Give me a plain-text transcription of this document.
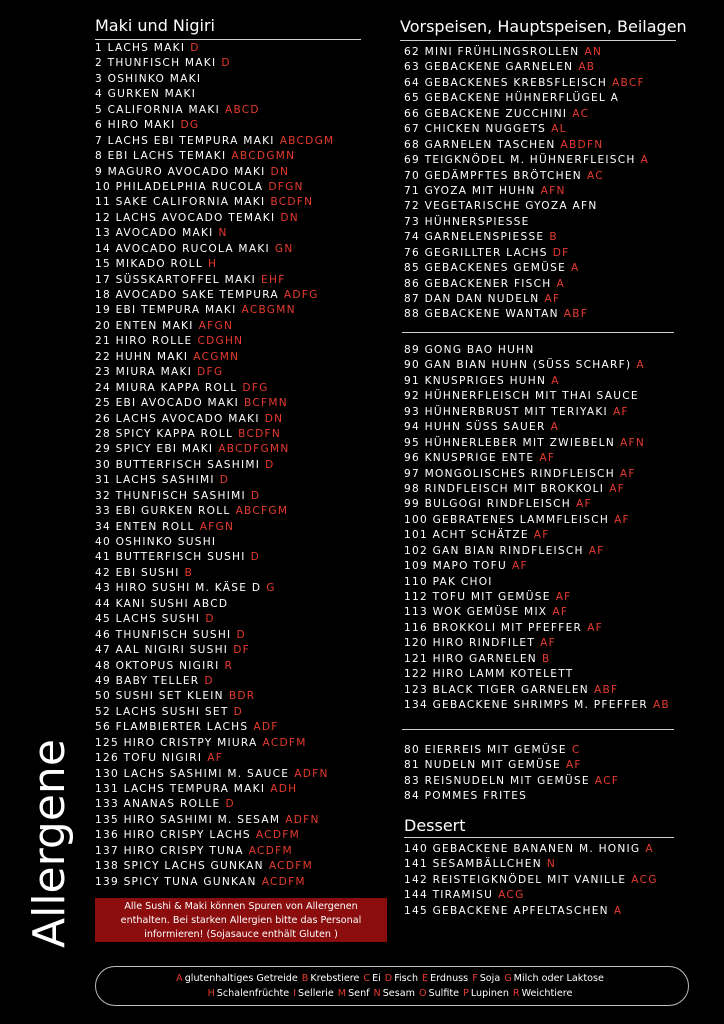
Allergene
Maki und Nigiri
1 LACHS MAKI D
2 THUNFISCH MAKI D
3 OSHINKO MAKI
4 GURKEN MAKI
5 CALIFORNIA MAKI ABCD
6 HIRO MAKI DG
7 LACHS EBI TEMPURA MAKI ABCDGM
8 EBI LACHS TEMAKI ABCDGMN
9 MAGURO AVOCADO MAKI DN
10 PHILADELPHIA RUCOLA DFGN
11 SAKE CALIFORNIA MAKI BCDFN
12 LACHS AVOCADO TEMAKI DN
13 AVOCADO MAKI N
14 AVOCADO RUCOLA MAKI GN
15 MIKADO ROLL H
17 SÜSSKARTOFFEL MAKI EHF
18 AVOCADO SAKE TEMPURA ADFG
19 EBI TEMPURA MAKI ACBGMN
20 ENTEN MAKI AFGN
21 HIRO ROLLE CDGHN
22 HUHN MAKI ACGMN
23 MIURA MAKI DFG
24 MIURA KAPPA ROLL DFG
25 EBI AVOCADO MAKI BCFMN
26 LACHS AVOCADO MAKI DN
28 SPICY KAPPA ROLL BCDFN
29 SPICY EBI MAKI ABCDFGMN
30 BUTTERFISCH SASHIMI D
31 LACHS SASHIMI D
32 THUNFISCH SASHIMI D
33 EBI GURKEN ROLL ABCFGM
34 ENTEN ROLL AFGN
40 OSHINKO SUSHI
41 BUTTERFISCH SUSHI D
42 EBI SUSHI B
43 HIRO SUSHI M. KÄSE D G
44 KANI SUSHI ABCD
45 LACHS SUSHI D
46 THUNFISCH SUSHI D
47 AAL NIGIRI SUSHI DF
48 OKTOPUS NIGIRI R
49 BABY TELLER D
50 SUSHI SET KLEIN BDR
52 LACHS SUSHI SET D
56 FLAMBIERTER LACHS ADF
125 HIRO CRISTPY MIURA ACDFM
126 TOFU NIGIRI AF
130 LACHS SASHIMI M. SAUCE ADFN
131 LACHS TEMPURA MAKI ADH
133 ANANAS ROLLE D
135 HIRO SASHIMI M. SESAM ADFN
136 HIRO CRISPY LACHS ACDFM
137 HIRO CRISPY TUNA ACDFM
138 SPICY LACHS GUNKAN ACDFM
139 SPICY TUNA GUNKAN ACDFM
Alle Sushi & Maki können Spuren von Allergenen
enthalten. Bei starken Allergien bitte das Personal
informieren! (Sojasauce enthält Gluten )
Vorspeisen, Hauptspeisen, Beilagen
62 MINI FRÜHLINGSROLLEN AN
63 GEBACKENE GARNELEN AB
64 GEBACKENES KREBSFLEISCH ABCF
65 GEBACKENE HÜHNERFLÜGEL A
66 GEBACKENE ZUCCHINI AC
67 CHICKEN NUGGETS AL
68 GARNELEN TASCHEN ABDFN
69 TEIGKNÖDEL M. HÜHNERFLEISCH A
70 GEDÄMPFTES BRÖTCHEN AC
71 GYOZA MIT HUHN AFN
72 VEGETARISCHE GYOZA AFN
73 HÜHNERSPIESSE
74 GARNELENSPIESSE B
76 GEGRILLTER LACHS DF
85 GEBACKENES GEMÜSE A
86 GEBACKENER FISCH A
87 DAN DAN NUDELN AF
88 GEBACKENE WANTAN ABF
89 GONG BAO HUHN
90 GAN BIAN HUHN (SÜSS SCHARF) A
91 KNUSPRIGES HUHN A
92 HÜHNERFLEISCH MIT THAI SAUCE
93 HÜHNERBRUST MIT TERIYAKI AF
94 HUHN SÜSS SAUER A
95 HÜHNERLEBER MIT ZWIEBELN AFN
96 KNUSPRIGE ENTE AF
97 MONGOLISCHES RINDFLEISCH AF
98 RINDFLEISCH MIT BROKKOLI AF
99 BULGOGI RINDFLEISCH AF
100 GEBRATENES LAMMFLEISCH AF
101 ACHT SCHÄTZE AF
102 GAN BIAN RINDFLEISCH AF
109 MAPO TOFU AF
110 PAK CHOI
112 TOFU MIT GEMÜSE AF
113 WOK GEMÜSE MIX AF
116 BROKKOLI MIT PFEFFER AF
120 HIRO RINDFILET AF
121 HIRO GARNELEN B
122 HIRO LAMM KOTELETT
123 BLACK TIGER GARNELEN ABF
134 GEBACKENE SHRIMPS M. PFEFFER AB
80 EIERREIS MIT GEMÜSE C
81 NUDELN MIT GEMÜSE AF
83 REISNUDELN MIT GEMÜSE ACF
84 POMMES FRITES
Dessert
140 GEBACKENE BANANEN M. HONIG A
141 SESAMBÄLLCHEN N
142 REISTEIGKNÖDEL MIT VANILLE ACG
144 TIRAMISU ACG
145 GEBACKENE APFELTASCHEN A
A glutenhaltiges Getreide B Krebstiere C Ei D Fisch E Erdnuss F Soja G Milch oder Laktose
H Schalenfrüchte I Sellerie M Senf N Sesam O Sulfite P Lupinen R Weichtiere
